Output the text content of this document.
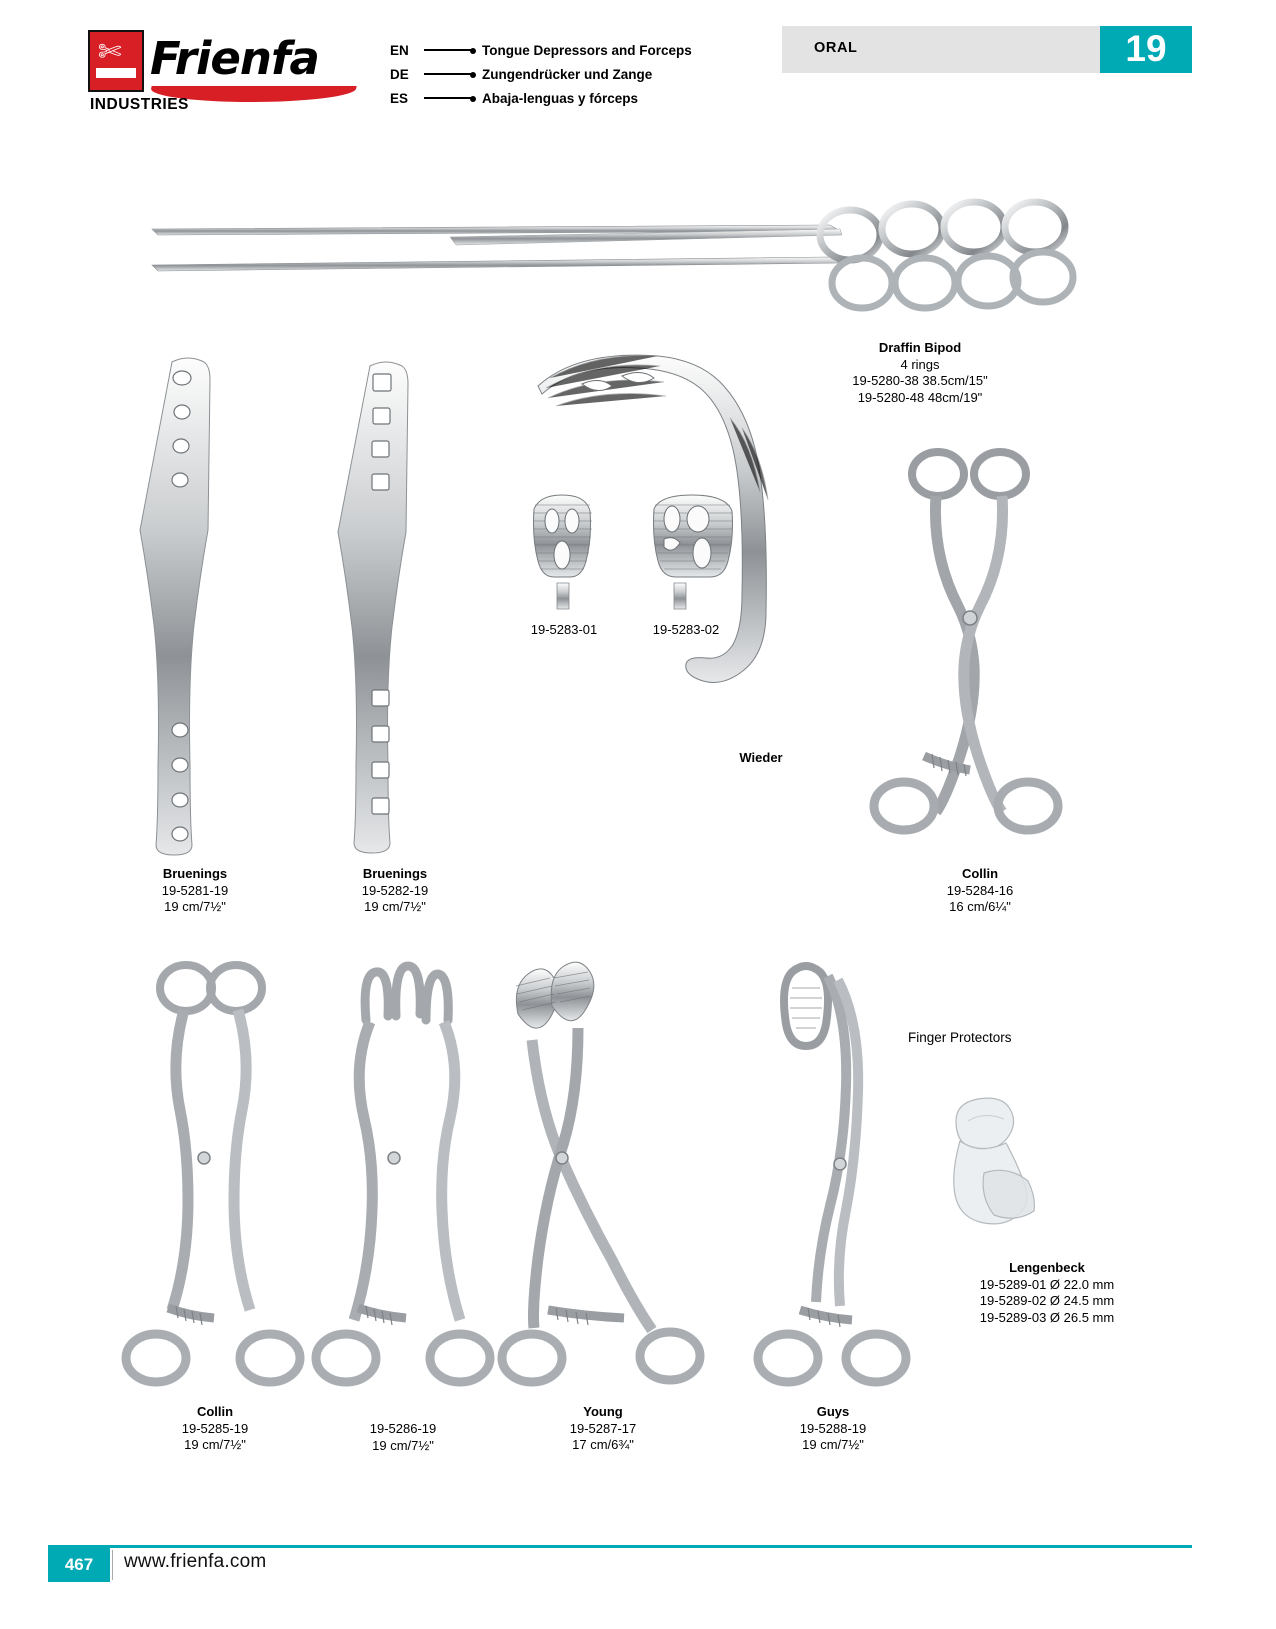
✄ Frienfa
INDUSTRIES
EN	Tongue Depressors and Forceps
DE	Zungendrücker und Zange
ES	Abaja-lenguas y fórceps
ORAL	19
Draffin Bipod
4 rings
19-5280-38 38.5cm/15"
19-5280-48 48cm/19"
Bruenings
19-5281-19
19 cm/7½"
Bruenings
19-5282-19
19 cm/7½"
19-5283-01	19-5283-02
Wieder
Collin
19-5284-16
16 cm/6¼"
Collin
19-5285-19
19 cm/7½"
19-5286-19
19 cm/7½"
Young
19-5287-17
17 cm/6¾"
Guys
19-5288-19
19 cm/7½"
Finger Protectors
Lengenbeck
19-5289-01 Ø 22.0 mm
19-5289-02 Ø 24.5 mm
19-5289-03 Ø 26.5 mm
467	www.frienfa.com
